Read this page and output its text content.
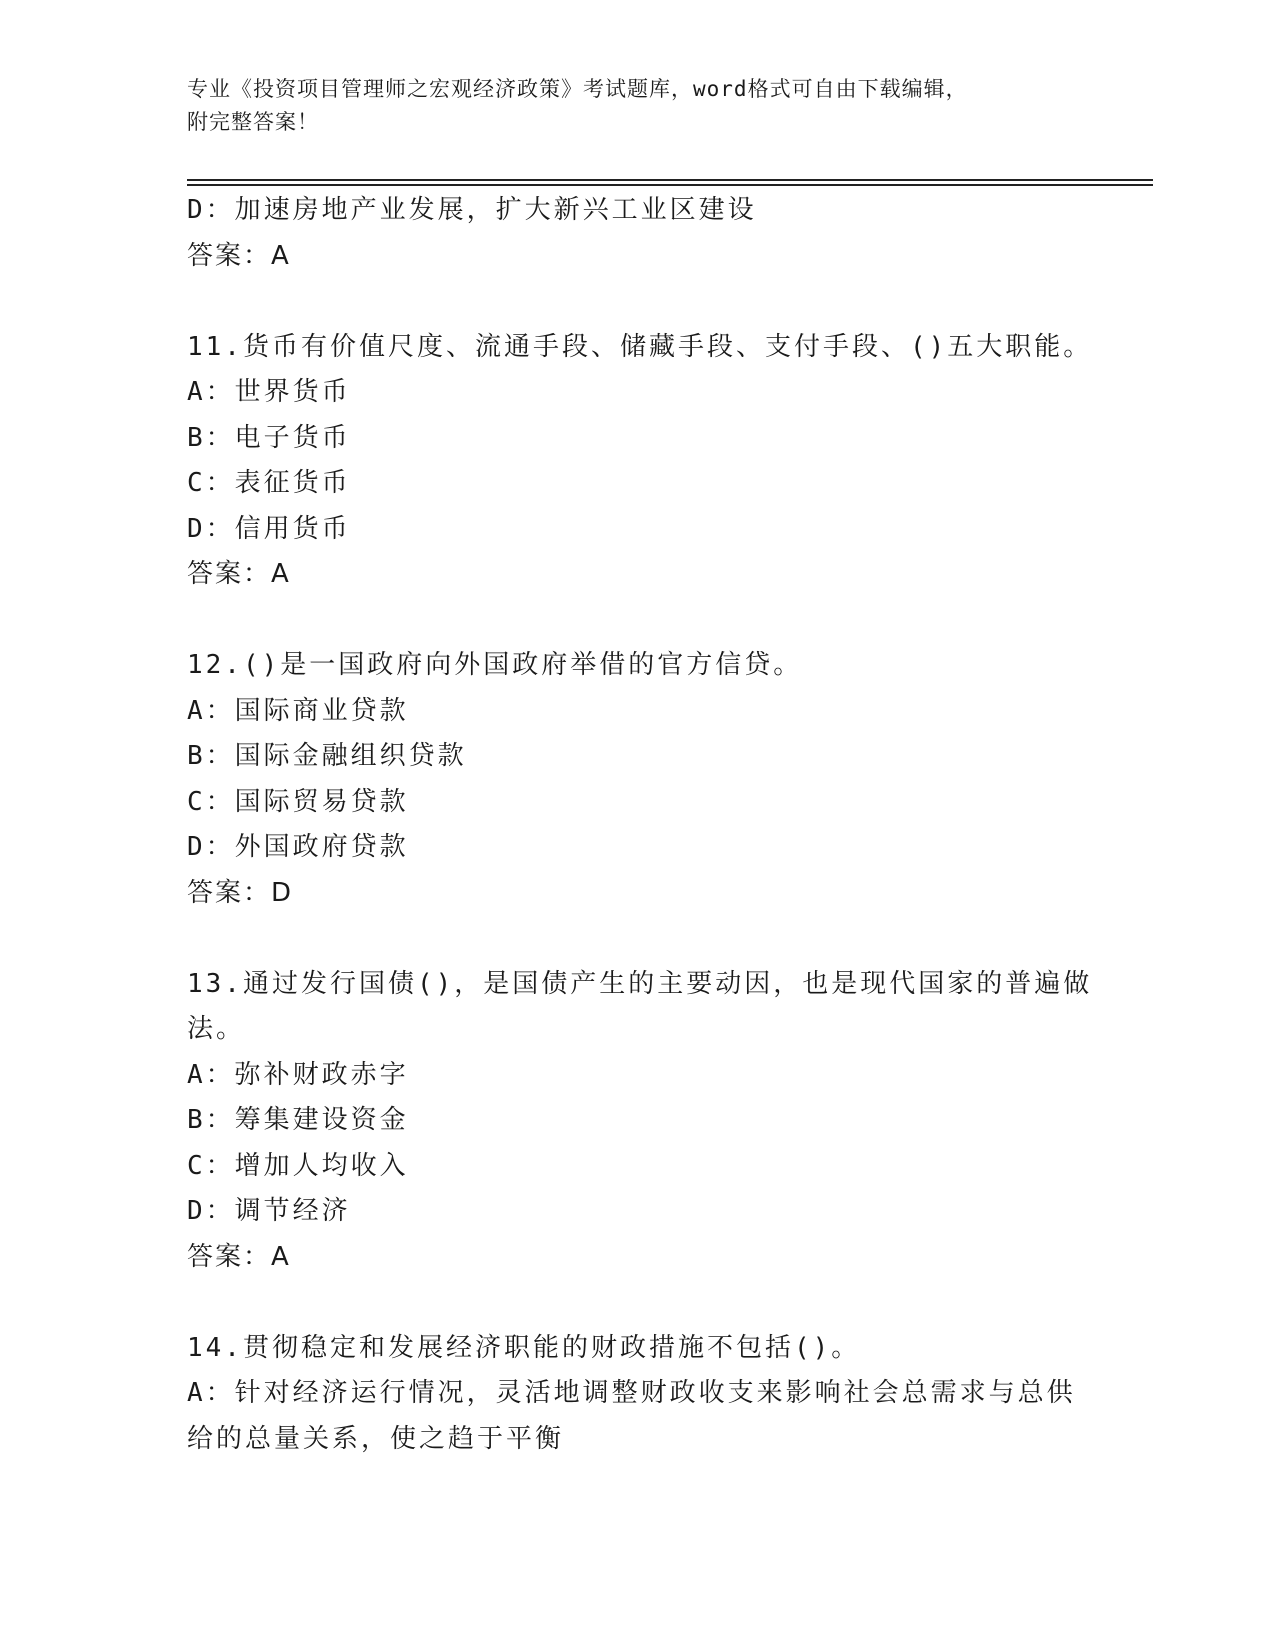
专业《投资项目管理师之宏观经济政策》考试题库，word格式可自由下载编辑，
附完整答案！
D：加速房地产业发展，扩大新兴工业区建设
答案：A
11.货币有价值尺度、流通手段、储藏手段、支付手段、()五大职能。
A：世界货币
B：电子货币
C：表征货币
D：信用货币
答案：A
12.()是一国政府向外国政府举借的官方信贷。
A：国际商业贷款
B：国际金融组织贷款
C：国际贸易贷款
D：外国政府贷款
答案：D
13.通过发行国债()，是国债产生的主要动因，也是现代国家的普遍做
法。
A：弥补财政赤字
B：筹集建设资金
C：增加人均收入
D：调节经济
答案：A
14.贯彻稳定和发展经济职能的财政措施不包括()。
A：针对经济运行情况，灵活地调整财政收支来影响社会总需求与总供
给的总量关系，使之趋于平衡
